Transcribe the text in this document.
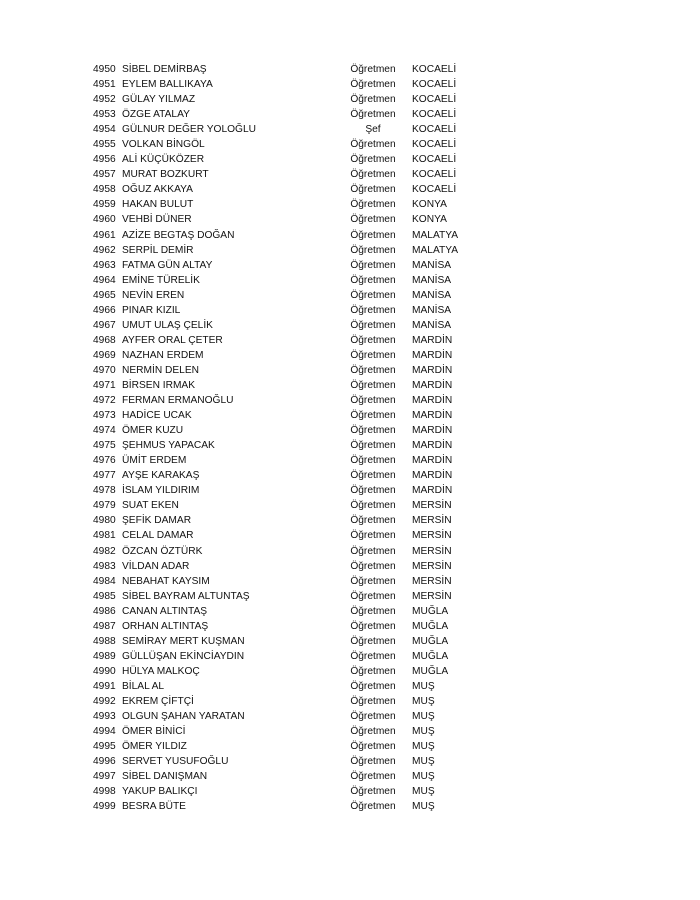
4950 SİBEL DEMİRBAŞ	Öğretmen	KOCAELİ
4951 EYLEM BALLIKAYA	Öğretmen	KOCAELİ
4952 GÜLAY YILMAZ	Öğretmen	KOCAELİ
4953 ÖZGE ATALAY	Öğretmen	KOCAELİ
4954 GÜLNUR DEĞER YOLOĞLU	Şef	KOCAELİ
4955 VOLKAN BİNGÖL	Öğretmen	KOCAELİ
4956 ALİ KÜÇÜKÖZER	Öğretmen	KOCAELİ
4957 MURAT BOZKURT	Öğretmen	KOCAELİ
4958 OĞUZ AKKAYA	Öğretmen	KOCAELİ
4959 HAKAN BULUT	Öğretmen	KONYA
4960 VEHBİ DÜNER	Öğretmen	KONYA
4961 AZİZE BEGTAŞ DOĞAN	Öğretmen	MALATYA
4962 SERPİL DEMİR	Öğretmen	MALATYA
4963 FATMA GÜN ALTAY	Öğretmen	MANİSA
4964 EMİNE TÜRELİK	Öğretmen	MANİSA
4965 NEVİN EREN	Öğretmen	MANİSA
4966 PINAR KIZIL	Öğretmen	MANİSA
4967 UMUT ULAŞ ÇELİK	Öğretmen	MANİSA
4968 AYFER ORAL ÇETER	Öğretmen	MARDİN
4969 NAZHAN ERDEM	Öğretmen	MARDİN
4970 NERMİN DELEN	Öğretmen	MARDİN
4971 BİRSEN IRMAK	Öğretmen	MARDİN
4972 FERMAN ERMANOĞLU	Öğretmen	MARDİN
4973 HADİCE UCAK	Öğretmen	MARDİN
4974 ÖMER KUZU	Öğretmen	MARDİN
4975 ŞEHMUS YAPACAK	Öğretmen	MARDİN
4976 ÜMİT ERDEM	Öğretmen	MARDİN
4977 AYŞE KARAKAŞ	Öğretmen	MARDİN
4978 İSLAM YILDIRIM	Öğretmen	MARDİN
4979 SUAT EKEN	Öğretmen	MERSİN
4980 ŞEFİK DAMAR	Öğretmen	MERSİN
4981 CELAL DAMAR	Öğretmen	MERSİN
4982 ÖZCAN ÖZTÜRK	Öğretmen	MERSİN
4983 VİLDAN ADAR	Öğretmen	MERSİN
4984 NEBAHAT KAYSIM	Öğretmen	MERSİN
4985 SİBEL BAYRAM ALTUNTAŞ	Öğretmen	MERSİN
4986 CANAN ALTINTAŞ	Öğretmen	MUĞLA
4987 ORHAN ALTINTAŞ	Öğretmen	MUĞLA
4988 SEMİRAY MERT KUŞMAN	Öğretmen	MUĞLA
4989 GÜLLÜŞAN EKİNCİAYDIN	Öğretmen	MUĞLA
4990 HÜLYA MALKOÇ	Öğretmen	MUĞLA
4991 BİLAL AL	Öğretmen	MUŞ
4992 EKREM ÇİFTÇİ	Öğretmen	MUŞ
4993 OLGUN ŞAHAN YARATAN	Öğretmen	MUŞ
4994 ÖMER BİNİCİ	Öğretmen	MUŞ
4995 ÖMER YILDIZ	Öğretmen	MUŞ
4996 SERVET YUSUFOĞLU	Öğretmen	MUŞ
4997 SİBEL DANIŞMAN	Öğretmen	MUŞ
4998 YAKUP BALIKÇI	Öğretmen	MUŞ
4999 BESRA BÜTE	Öğretmen	MUŞ
